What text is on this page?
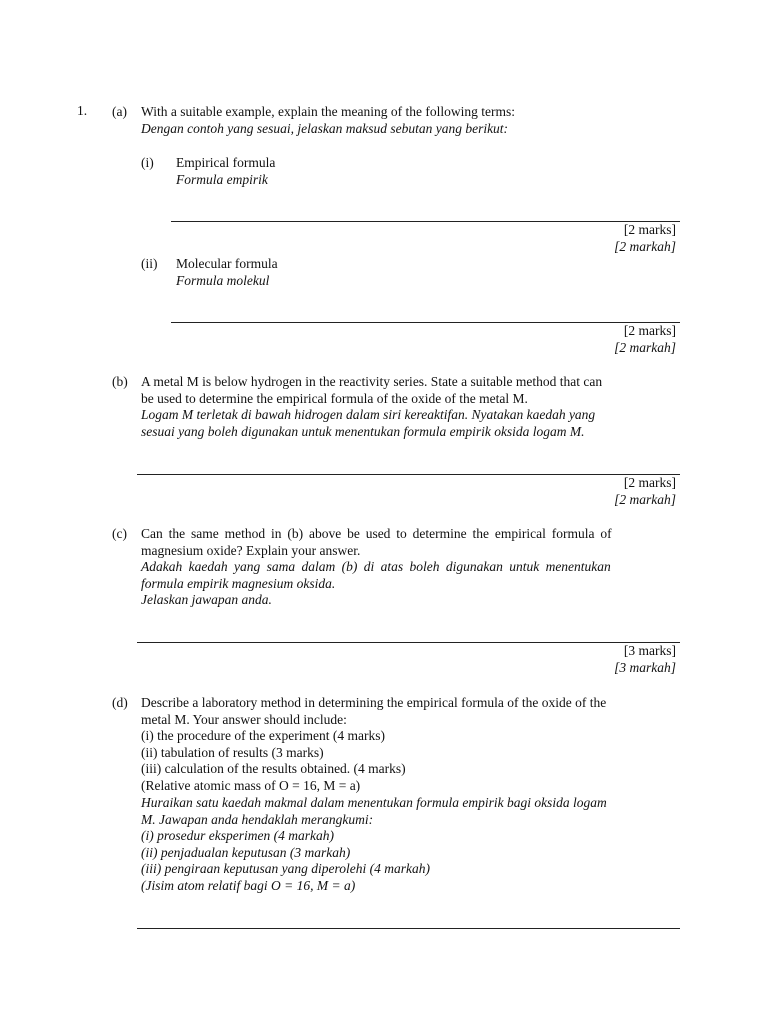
1. (a) With a suitable example, explain the meaning of the following terms:
Dengan contoh yang sesuai, jelaskan maksud sebutan yang berikut:
(i) Empirical formula
Formula empirik
[2 marks]
[2 markah]
(ii) Molecular formula
Formula molekul
[2 marks]
[2 markah]
(b) A metal M is below hydrogen in the reactivity series. State a suitable method that can
be used to determine the empirical formula of the oxide of the metal M.
Logam M terletak di bawah hidrogen dalam siri kereaktifan. Nyatakan kaedah yang
sesuai yang boleh digunakan untuk menentukan formula empirik oksida logam M.
[2 marks]
[2 markah]
(c) Can the same method in (b) above be used to determine the empirical formula of
magnesium oxide? Explain your answer.
Adakah kaedah yang sama dalam (b) di atas boleh digunakan untuk menentukan
formula empirik magnesium oksida.
Jelaskan jawapan anda.
[3 marks]
[3 markah]
(d) Describe a laboratory method in determining the empirical formula of the oxide of the
metal M. Your answer should include:
(i) the procedure of the experiment (4 marks)
(ii) tabulation of results (3 marks)
(iii) calculation of the results obtained. (4 marks)
(Relative atomic mass of O = 16, M = a)
Huraikan satu kaedah makmal dalam menentukan formula empirik bagi oksida logam
M. Jawapan anda hendaklah merangkumi:
(i) prosedur eksperimen (4 markah)
(ii) penjadualan keputusan (3 markah)
(iii) pengiraan keputusan yang diperolehi (4 markah)
(Jisim atom relatif bagi O = 16, M = a)
